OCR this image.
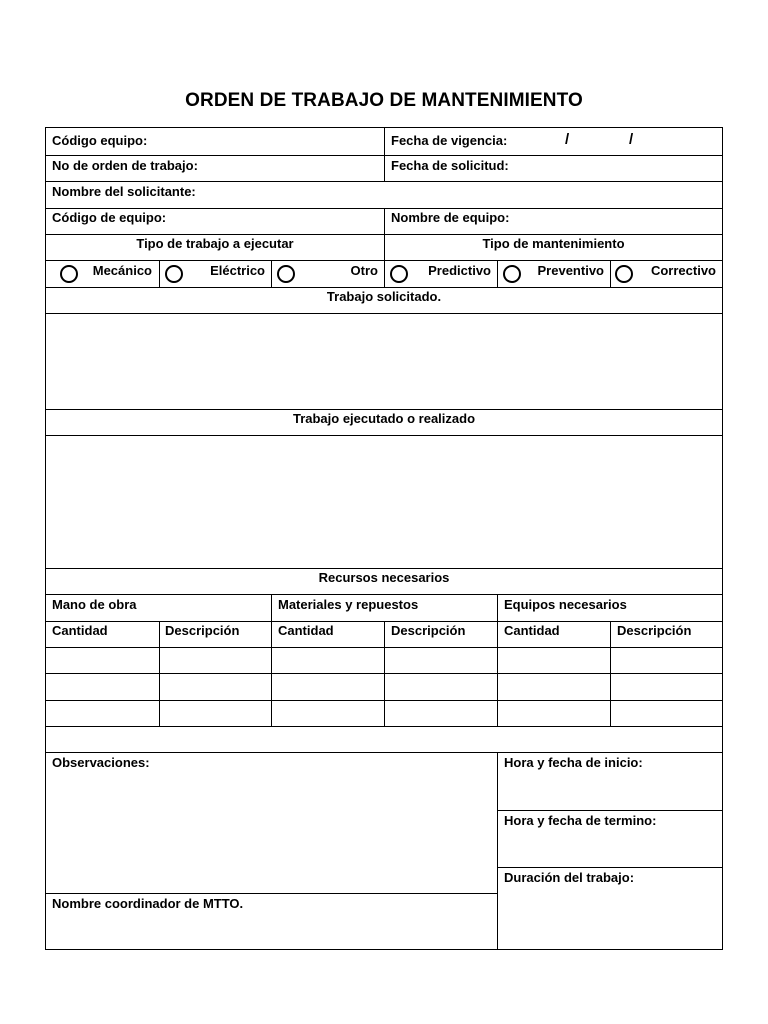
ORDEN DE TRABAJO DE MANTENIMIENTO
Código equipo:	Fecha de vigencia:	/	/
No de orden de trabajo:	Fecha de solicitud:
Nombre del solicitante:
Código de equipo:	Nombre de equipo:
Tipo de trabajo a ejecutar	Tipo de mantenimiento
Mecánico	Eléctrico	Otro	Predictivo	Preventivo	Correctivo
Trabajo solicitado.
Trabajo ejecutado o realizado
Recursos necesarios
Mano de obra	Materiales y repuestos	Equipos necesarios
Cantidad	Descripción	Cantidad	Descripción	Cantidad	Descripción
Observaciones:	Hora y fecha de inicio:
Hora y fecha de termino:
Duración del trabajo:
Nombre coordinador de MTTO.
